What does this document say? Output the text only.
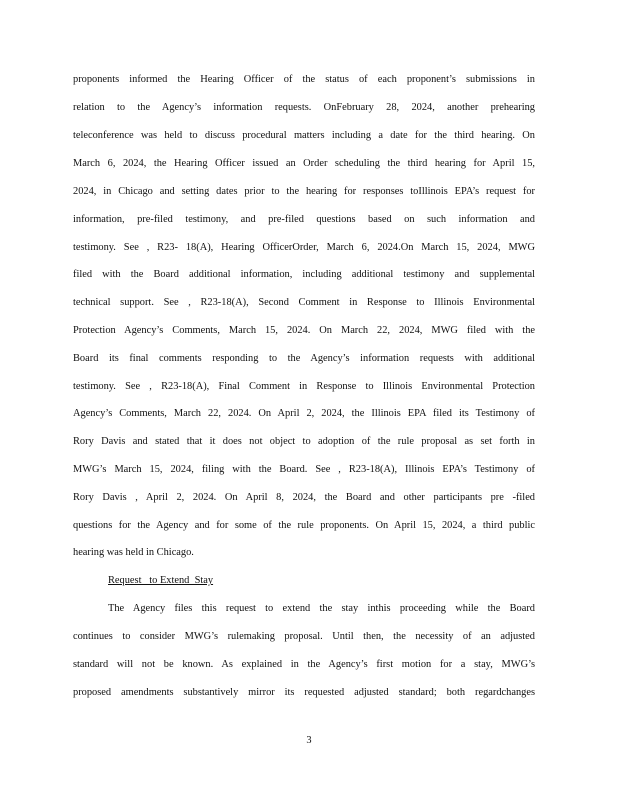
proponents informed the Hearing Officer of the status of each proponent’s submissions in
relation to the Agency’s information requests. OnFebruary 28, 2024, another prehearing
teleconference was held to discuss procedural matters including a date for the third hearing. On
March 6, 2024, the Hearing Officer issued an Order scheduling the third hearing for April 15,
2024, in Chicago and setting dates prior to the hearing for responses toIllinois EPA’s request for
information, pre-filed testimony, and pre-filed questions based on such information and
testimony. See , R23- 18(A), Hearing OfficerOrder, March 6, 2024.On March 15, 2024, MWG
filed with the Board additional information, including additional testimony and supplemental
technical support. See , R23-18(A), Second Comment in Response to Illinois Environmental
Protection Agency’s Comments, March 15, 2024. On March 22, 2024, MWG filed with the
Board its final comments responding to the Agency’s information requests with additional
testimony. See , R23-18(A), Final Comment in Response to Illinois Environmental Protection
Agency’s Comments, March 22, 2024. On April 2, 2024, the Illinois EPA filed its Testimony of
Rory Davis and stated that it does not object to adoption of the rule proposal as set forth in
MWG’s March 15, 2024, filing with the Board. See , R23-18(A), Illinois EPA’s Testimony of
Rory Davis , April 2, 2024. On April 8, 2024, the Board and other participants pre -filed
questions for the Agency and for some of the rule proponents. On April 15, 2024, a third public
hearing was held in Chicago.
Request   to Extend  Stay
The Agency files this request to extend the stay inthis proceeding while the Board
continues to consider MWG’s rulemaking proposal. Until then, the necessity of an adjusted
standard will not be known. As explained in the Agency’s first motion for a stay, MWG’s
proposed amendments substantively mirror its requested adjusted standard; both regardchanges
3
